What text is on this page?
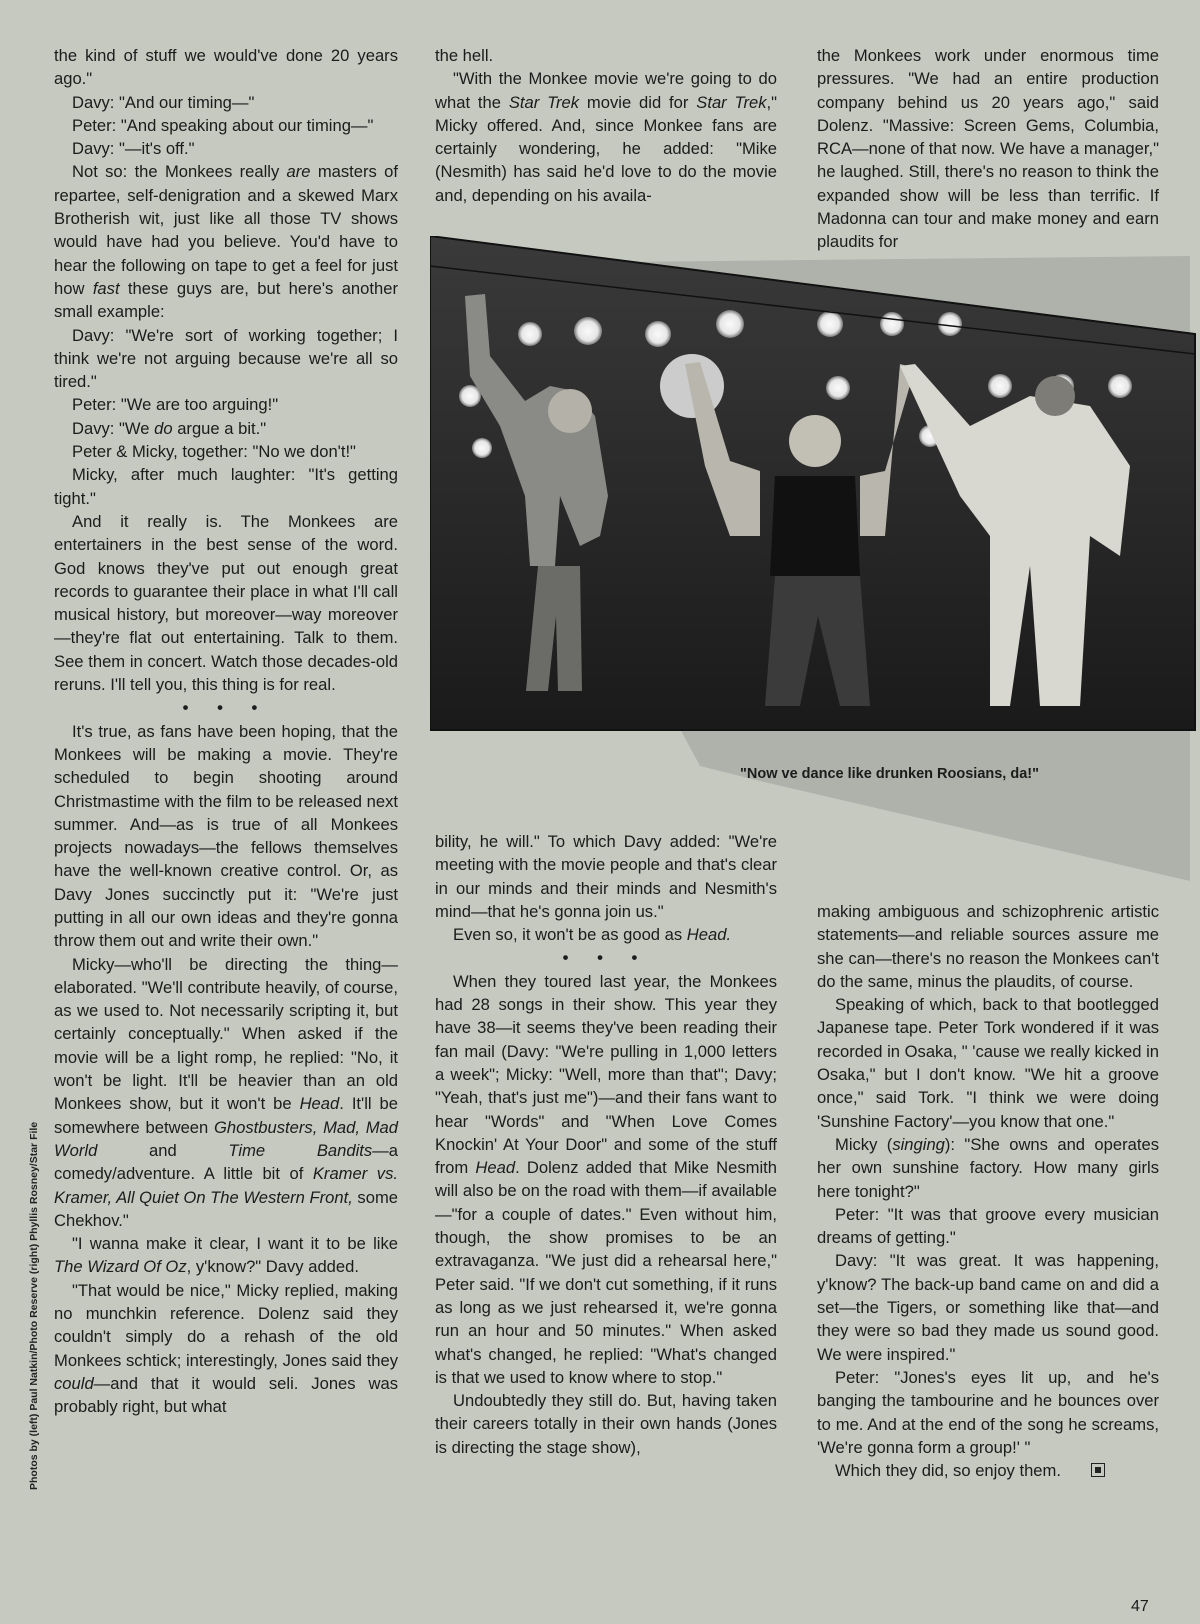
the kind of stuff we would've done 20 years ago."

Davy: "And our timing—"

Peter: "And speaking about our timing—"

Davy: "—it's off."

Not so: the Monkees really are masters of repartee, self-denigration and a skewed Marx Brotherish wit, just like all those TV shows would have had you believe. You'd have to hear the following on tape to get a feel for just how fast these guys are, but here's another small example:

Davy: "We're sort of working together; I think we're not arguing because we're all so tired."

Peter: "We are too arguing!"

Davy: "We do argue a bit."

Peter & Micky, together: "No we don't!"

Micky, after much laughter: "It's getting tight."

And it really is. The Monkees are entertainers in the best sense of the word. God knows they've put out enough great records to guarantee their place in what I'll call musical history, but moreover—way moreover—they're flat out entertaining. Talk to them. See them in concert. Watch those decades-old reruns. I'll tell you, this thing is for real.

• • •

It's true, as fans have been hoping, that the Monkees will be making a movie. They're scheduled to begin shooting around Christmastime with the film to be released next summer. And—as is true of all Monkees projects nowadays—the fellows themselves have the well-known creative control. Or, as Davy Jones succinctly put it: "We're just putting in all our own ideas and they're gonna throw them out and write their own."

Micky—who'll be directing the thing—elaborated. "We'll contribute heavily, of course, as we used to. Not necessarily scripting it, but certainly conceptually." When asked if the movie will be a light romp, he replied: "No, it won't be light. It'll be heavier than an old Monkees show, but it won't be Head. It'll be somewhere between Ghostbusters, Mad, Mad World and Time Bandits—a comedy/adventure. A little bit of Kramer vs. Kramer, All Quiet On The Western Front, some Chekhov."

"I wanna make it clear, I want it to be like The Wizard Of Oz, y'know?" Davy added.

"That would be nice," Micky replied, making no munchkin reference. Dolenz said they couldn't simply do a rehash of the old Monkees schtick; interestingly, Jones said they could—and that it would seli. Jones was probably right, but what

the hell.

"With the Monkee movie we're going to do what the Star Trek movie did for Star Trek," Micky offered. And, since Monkee fans are certainly wondering, he added: "Mike (Nesmith) has said he'd love to do the movie and, depending on his availa-

the Monkees work under enormous time pressures. "We had an entire production company behind us 20 years ago," said Dolenz. "Massive: Screen Gems, Columbia, RCA—none of that now. We have a manager," he laughed. Still, there's no reason to think the expanded show will be less than terrific. If Madonna can tour and make money and earn plaudits for

"Now ve dance like drunken Roosians, da!"

bility, he will." To which Davy added: "We're meeting with the movie people and that's clear in our minds and their minds and Nesmith's mind—that he's gonna join us."

Even so, it won't be as good as Head.

• • •

When they toured last year, the Monkees had 28 songs in their show. This year they have 38—it seems they've been reading their fan mail (Davy: "We're pulling in 1,000 letters a week"; Micky: "Well, more than that"; Davy; "Yeah, that's just me")—and their fans want to hear "Words" and "When Love Comes Knockin' At Your Door" and some of the stuff from Head. Dolenz added that Mike Nesmith will also be on the road with them—if available—"for a couple of dates." Even without him, though, the show promises to be an extravaganza. "We just did a rehearsal here," Peter said. "If we don't cut something, if it runs as long as we just rehearsed it, we're gonna run an hour and 50 minutes." When asked what's changed, he replied: "What's changed is that we used to know where to stop."

Undoubtedly they still do. But, having taken their careers totally in their own hands (Jones is directing the stage show),

making ambiguous and schizophrenic artistic statements—and reliable sources assure me she can—there's no reason the Monkees can't do the same, minus the plaudits, of course.

Speaking of which, back to that bootlegged Japanese tape. Peter Tork wondered if it was recorded in Osaka, " 'cause we really kicked in Osaka," but I don't know. "We hit a groove once," said Tork. "I think we were doing 'Sunshine Factory'—you know that one."

Micky (singing): "She owns and operates her own sunshine factory. How many girls here tonight?"

Peter: "It was that groove every musician dreams of getting."

Davy: "It was great. It was happening, y'know? The back-up band came on and did a set—the Tigers, or something like that—and they were so bad they made us sound good. We were inspired."

Peter: "Jones's eyes lit up, and he's banging the tambourine and he bounces over to me. And at the end of the song he screams, 'We're gonna form a group!' "

Which they did, so enjoy them.

Photos by (left) Paul Natkin/Photo Reserve (right) Phyllis Rosney/Star File
47
